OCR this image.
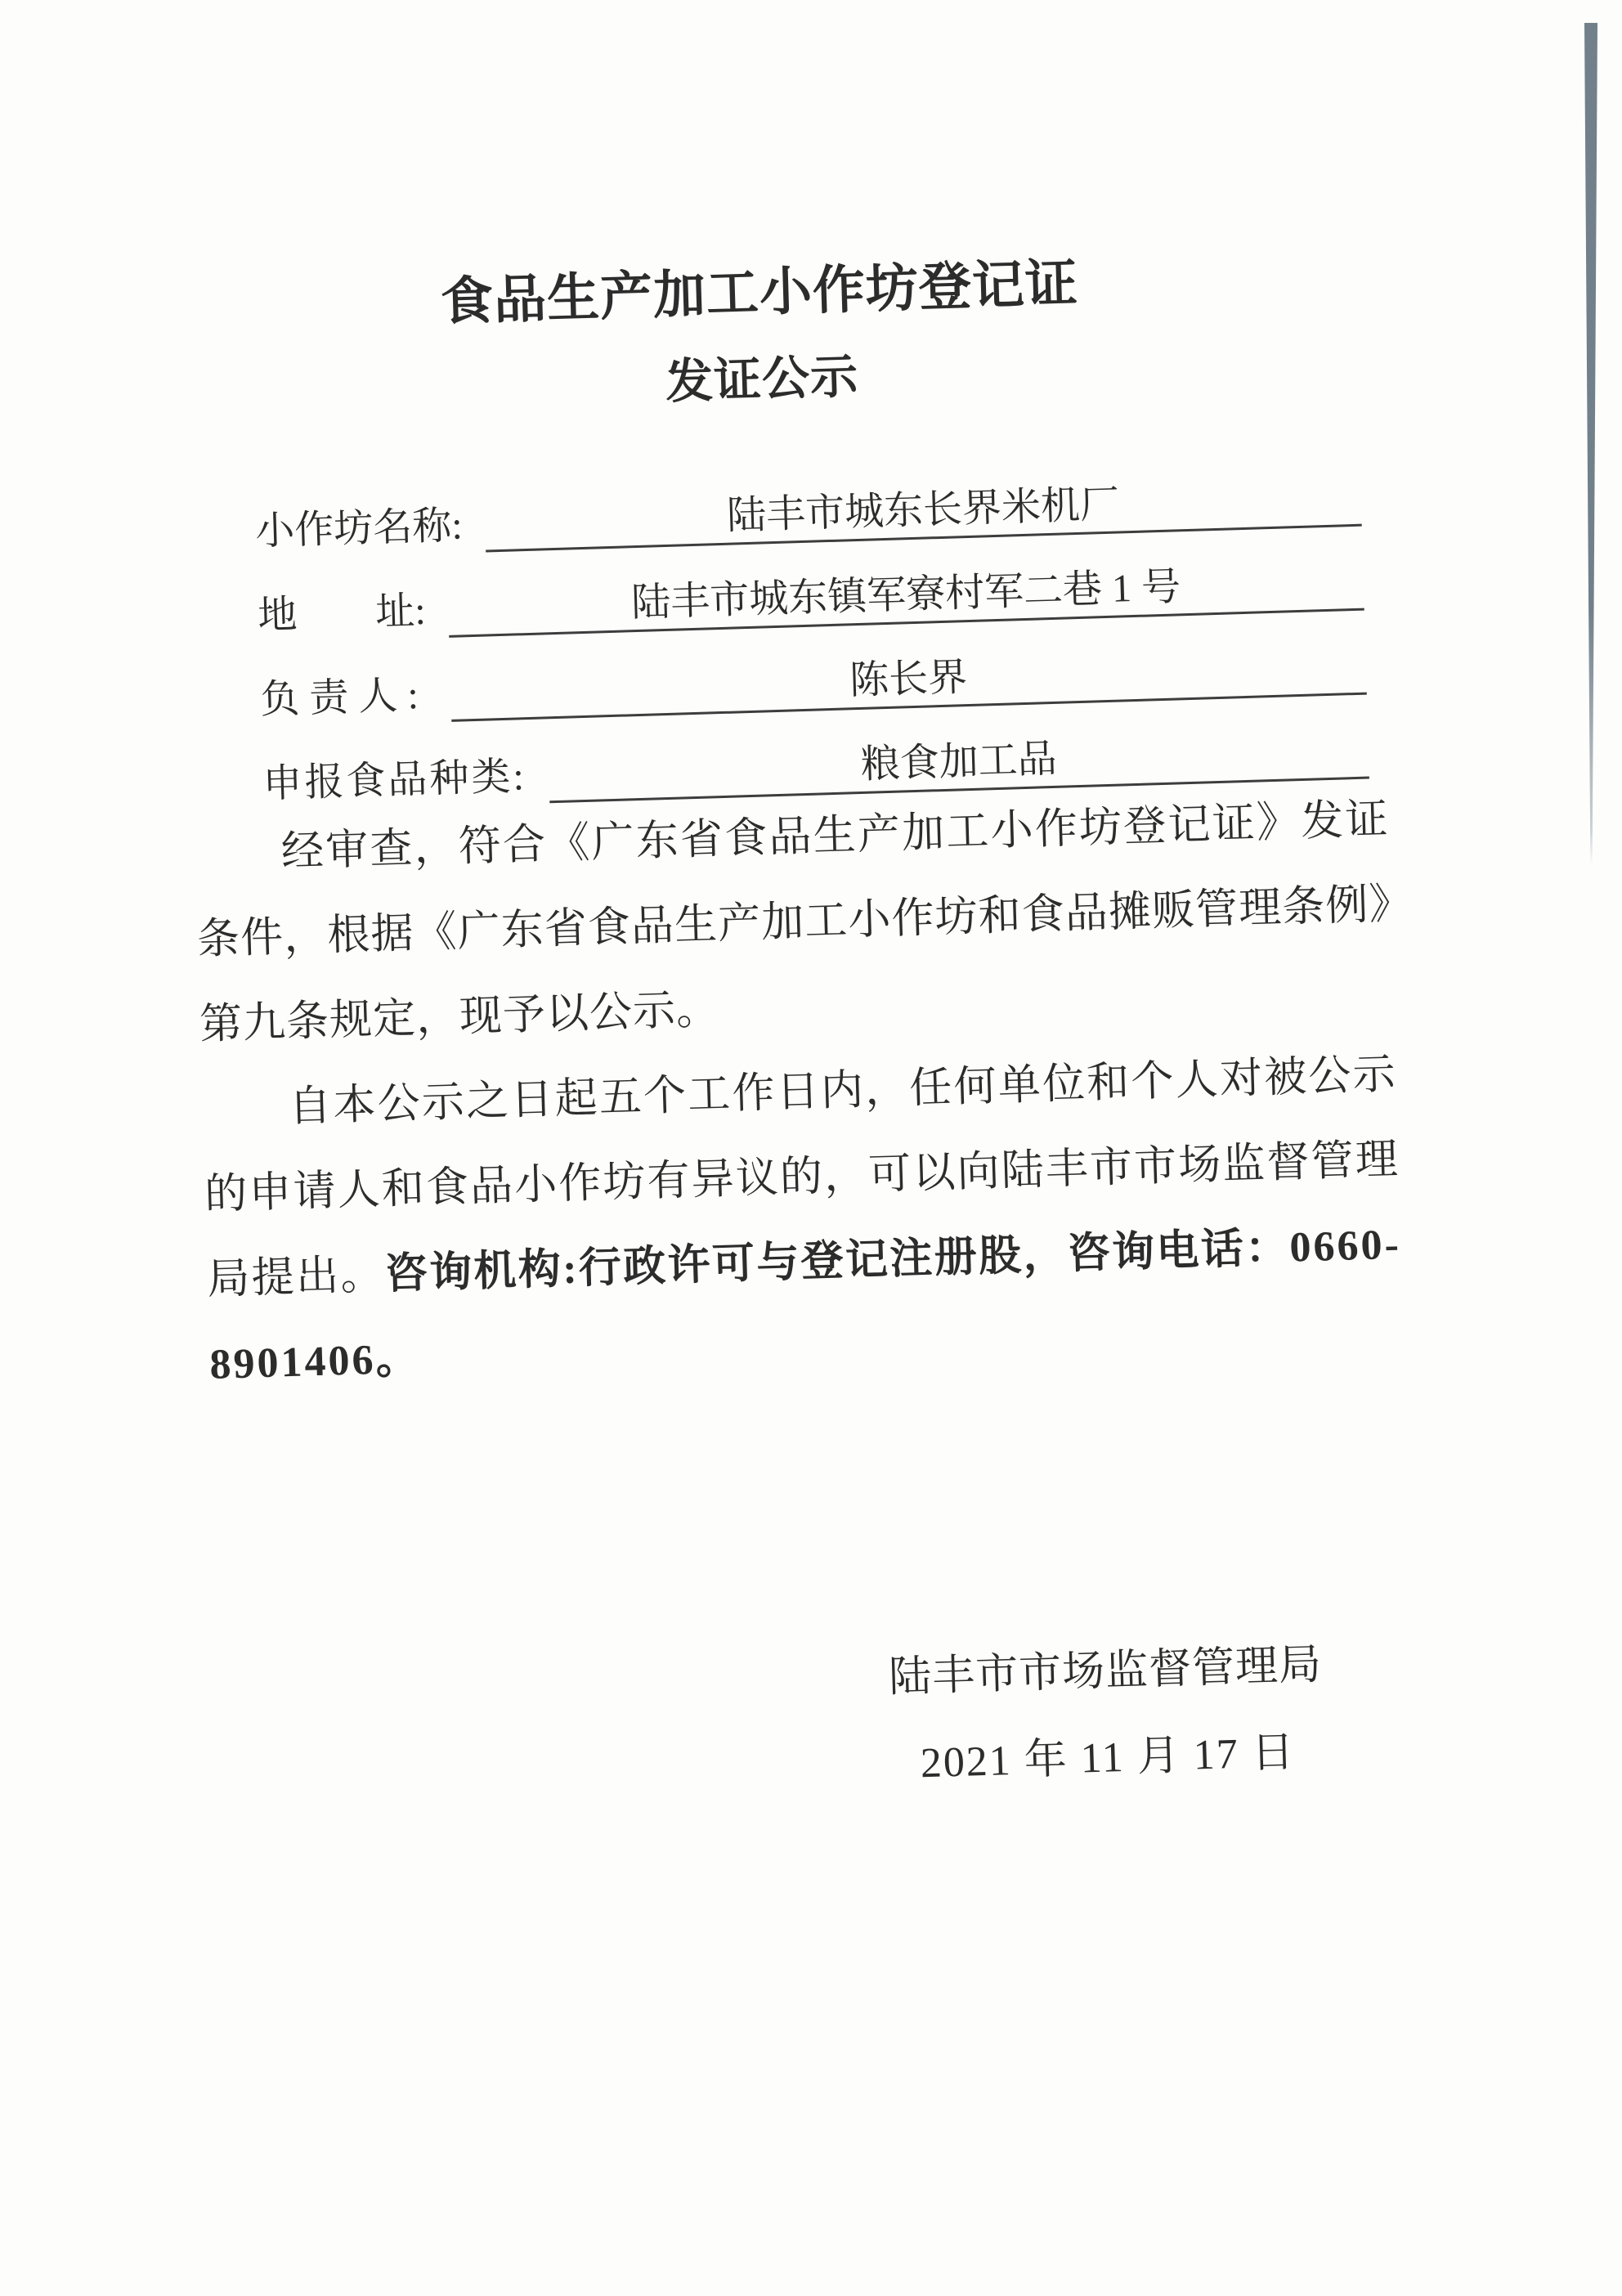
食品生产加工小作坊登记证
发证公示
小作坊名称:	陆丰市城东长界米机厂
地　　址:	陆丰市城东镇军寮村军二巷 1 号
负责人:	陈长界
申报食品种类:	粮食加工品

经审查，符合《广东省食品生产加工小作坊登记证》发证条件，根据《广东省食品生产加工小作坊和食品摊贩管理条例》第九条规定，现予以公示。

自本公示之日起五个工作日内，任何单位和个人对被公示的申请人和食品小作坊有异议的，可以向陆丰市市场监督管理局提出。咨询机构:行政许可与登记注册股，咨询电话：0660-8901406。

陆丰市市场监督管理局
2021 年 11 月 17 日
